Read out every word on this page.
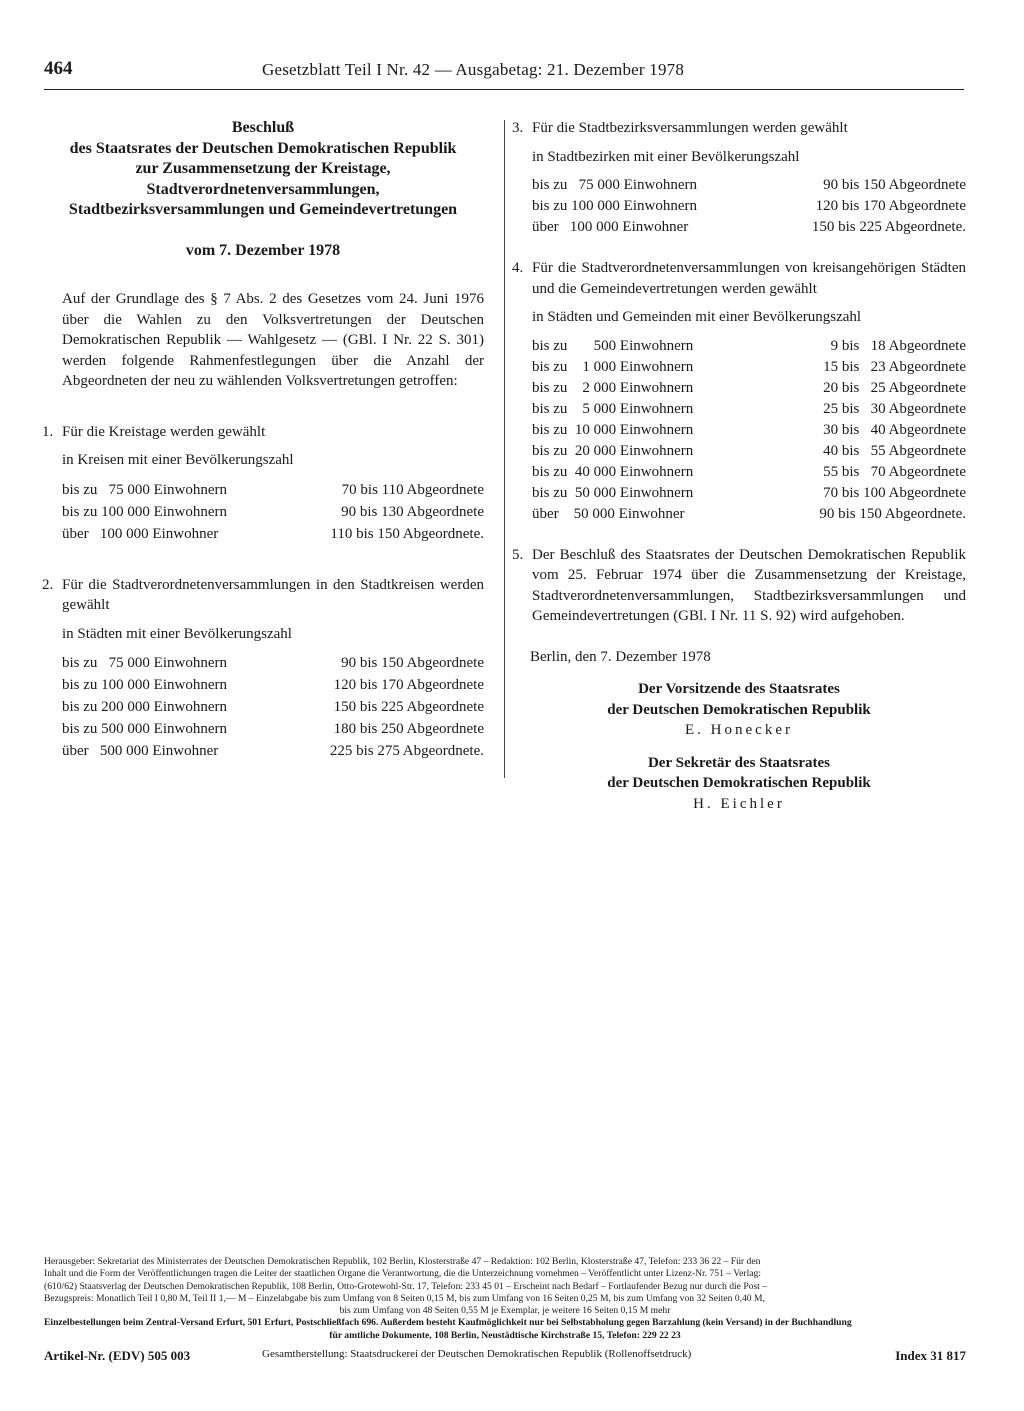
464	Gesetzblatt Teil I Nr. 42 — Ausgabetag: 21. Dezember 1978
Beschluß
des Staatsrates der Deutschen Demokratischen Republik
zur Zusammensetzung der Kreistage,
Stadtverordnetenversammlungen,
Stadtbezirksversammlungen und Gemeindevertretungen
vom 7. Dezember 1978
Auf der Grundlage des § 7 Abs. 2 des Gesetzes vom 24. Juni 1976 über die Wahlen zu den Volksvertretungen der Deutschen Demokratischen Republik — Wahlgesetz — (GBl. I Nr. 22 S. 301) werden folgende Rahmenfestlegungen über die Anzahl der Abgeordneten der neu zu wählenden Volksvertretungen getroffen:
1. Für die Kreistage werden gewählt
in Kreisen mit einer Bevölkerungszahl
bis zu   75 000 Einwohnern	70 bis 110 Abgeordnete
bis zu 100 000 Einwohnern	90 bis 130 Abgeordnete
über   100 000 Einwohner	110 bis 150 Abgeordnete.
2. Für die Stadtverordnetenversammlungen in den Stadtkreisen werden gewählt
in Städten mit einer Bevölkerungszahl
bis zu   75 000 Einwohnern	90 bis 150 Abgeordnete
bis zu 100 000 Einwohnern	120 bis 170 Abgeordnete
bis zu 200 000 Einwohnern	150 bis 225 Abgeordnete
bis zu 500 000 Einwohnern	180 bis 250 Abgeordnete
über   500 000 Einwohner	225 bis 275 Abgeordnete.
3. Für die Stadtbezirksversammlungen werden gewählt
in Stadtbezirken mit einer Bevölkerungszahl
bis zu   75 000 Einwohnern	90 bis 150 Abgeordnete
bis zu 100 000 Einwohnern	120 bis 170 Abgeordnete
über   100 000 Einwohner	150 bis 225 Abgeordnete.
4. Für die Stadtverordnetenversammlungen von kreisangehörigen Städten und die Gemeindevertretungen werden gewählt
in Städten und Gemeinden mit einer Bevölkerungszahl
bis zu       500 Einwohnern	9 bis   18 Abgeordnete
bis zu    1 000 Einwohnern	15 bis   23 Abgeordnete
bis zu    2 000 Einwohnern	20 bis   25 Abgeordnete
bis zu    5 000 Einwohnern	25 bis   30 Abgeordnete
bis zu  10 000 Einwohnern	30 bis   40 Abgeordnete
bis zu  20 000 Einwohnern	40 bis   55 Abgeordnete
bis zu  40 000 Einwohnern	55 bis   70 Abgeordnete
bis zu  50 000 Einwohnern	70 bis 100 Abgeordnete
über    50 000 Einwohner	90 bis 150 Abgeordnete.
5. Der Beschluß des Staatsrates der Deutschen Demokratischen Republik vom 25. Februar 1974 über die Zusammensetzung der Kreistage, Stadtverordnetenversammlungen, Stadtbezirksversammlungen und Gemeindevertretungen (GBl. I Nr. 11 S. 92) wird aufgehoben.
Berlin, den 7. Dezember 1978
Der Vorsitzende des Staatsrates
der Deutschen Demokratischen Republik
E. Honecker
Der Sekretär des Staatsrates
der Deutschen Demokratischen Republik
H. Eichler
Herausgeber: Sekretariat des Ministerrates der Deutschen Demokratischen Republik, 102 Berlin, Klosterstraße 47 – Redaktion: 102 Berlin, Klosterstraße 47, Telefon: 233 36 22 – Für den
Inhalt und die Form der Veröffentlichungen tragen die Leiter der staatlichen Organe die Verantwortung, die die Unterzeichnung vornehmen – Veröffentlicht unter Lizenz-Nr. 751 – Verlag:
(610/62) Staatsverlag der Deutschen Demokratischen Republik, 108 Berlin, Otto-Grotewohl-Str. 17, Telefon: 233 45 01 – Erscheint nach Bedarf – Fortlaufender Bezug nur durch die Post –
Bezugspreis: Monatlich Teil I 0,80 M, Teil II 1,— M – Einzelabgabe bis zum Umfang von 8 Seiten 0,15 M, bis zum Umfang von 16 Seiten 0,25 M, bis zum Umfang von 32 Seiten 0,40 M,
bis zum Umfang von 48 Seiten 0,55 M je Exemplar, je weitere 16 Seiten 0,15 M mehr
Einzelbestellungen beim Zentral-Versand Erfurt, 501 Erfurt, Postschließfach 696. Außerdem besteht Kaufmöglichkeit nur bei Selbstabholung gegen Barzahlung (kein Versand) in der Buchhandlung
für amtliche Dokumente, 108 Berlin, Neustädtische Kirchstraße 15, Telefon: 229 22 23
Artikel-Nr. (EDV) 505 003	Gesamtherstellung: Staatsdruckerei der Deutschen Demokratischen Republik (Rollenoffsetdruck)	Index 31 817
